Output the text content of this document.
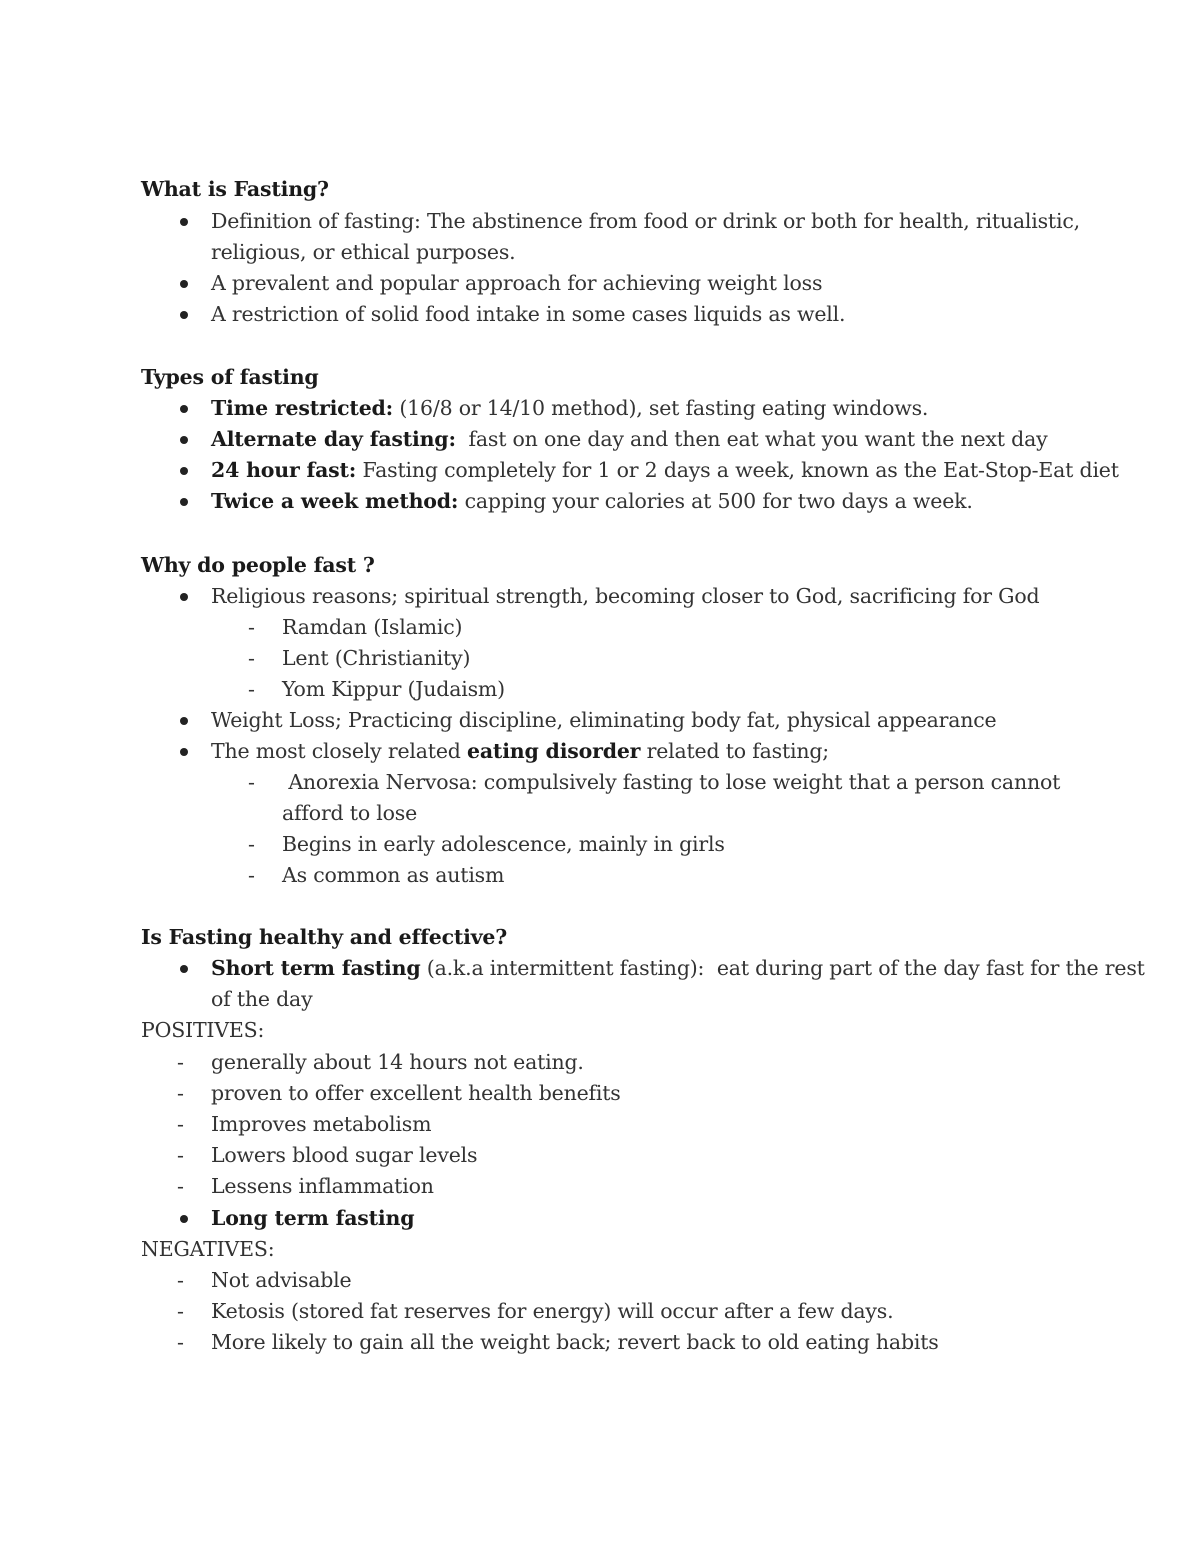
What is Fasting?
Definition of fasting: The abstinence from food or drink or both for health, ritualistic,
religious, or ethical purposes.
A prevalent and popular approach for achieving weight loss
A restriction of solid food intake in some cases liquids as well.
Types of fasting
Time restricted: (16/8 or 14/10 method), set fasting eating windows.
Alternate day fasting:  fast on one day and then eat what you want the next day
24 hour fast: Fasting completely for 1 or 2 days a week, known as the Eat-Stop-Eat diet
Twice a week method: capping your calories at 500 for two days a week.
Why do people fast ?
Religious reasons; spiritual strength, becoming closer to God, sacrificing for God
- Ramdan (Islamic)
- Lent (Christianity)
- Yom Kippur (Judaism)
Weight Loss; Practicing discipline, eliminating body fat, physical appearance
The most closely related eating disorder related to fasting;
- Anorexia Nervosa: compulsively fasting to lose weight that a person cannot
afford to lose
- Begins in early adolescence, mainly in girls
- As common as autism
Is Fasting healthy and effective?
Short term fasting (a.k.a intermittent fasting):  eat during part of the day fast for the rest
of the day
POSITIVES:
- generally about 14 hours not eating.
- proven to offer excellent health benefits
- Improves metabolism
- Lowers blood sugar levels
- Lessens inflammation
Long term fasting
NEGATIVES:
- Not advisable
- Ketosis (stored fat reserves for energy) will occur after a few days.
- More likely to gain all the weight back; revert back to old eating habits
